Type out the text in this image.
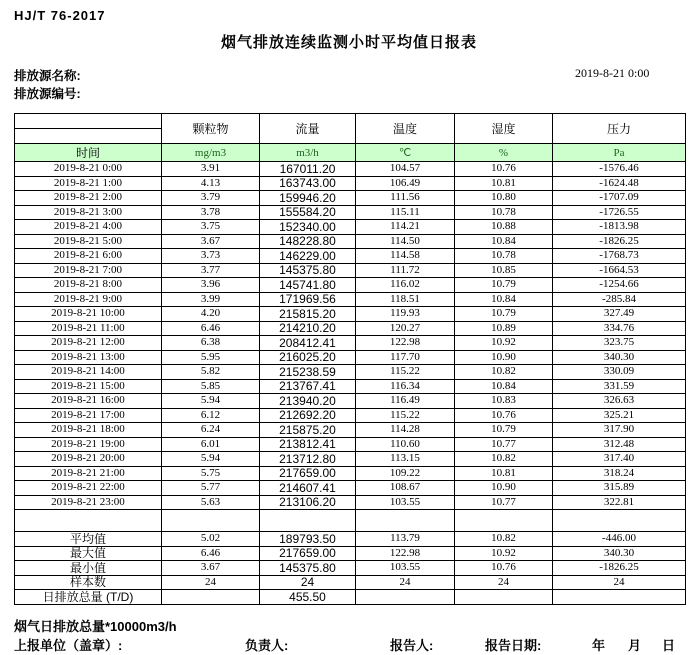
HJ/T 76-2017
烟气排放连续监测小时平均值日报表
排放源名称:
排放源编号:
2019-8-21 0:00
	颗粒物	流量	温度	湿度	压力

时间	mg/m3	m3/h	℃	%	Pa
2019-8-21 0:00	3.91	167011.20	104.57	10.76	-1576.46
2019-8-21 1:00	4.13	163743.00	106.49	10.81	-1624.48
2019-8-21 2:00	3.79	159946.20	111.56	10.80	-1707.09
2019-8-21 3:00	3.78	155584.20	115.11	10.78	-1726.55
2019-8-21 4:00	3.75	152340.00	114.21	10.88	-1813.98
2019-8-21 5:00	3.67	148228.80	114.50	10.84	-1826.25
2019-8-21 6:00	3.73	146229.00	114.58	10.78	-1768.73
2019-8-21 7:00	3.77	145375.80	111.72	10.85	-1664.53
2019-8-21 8:00	3.96	145741.80	116.02	10.79	-1254.66
2019-8-21 9:00	3.99	171969.56	118.51	10.84	-285.84
2019-8-21 10:00	4.20	215815.20	119.93	10.79	327.49
2019-8-21 11:00	6.46	214210.20	120.27	10.89	334.76
2019-8-21 12:00	6.38	208412.41	122.98	10.92	323.75
2019-8-21 13:00	5.95	216025.20	117.70	10.90	340.30
2019-8-21 14:00	5.82	215238.59	115.22	10.82	330.09
2019-8-21 15:00	5.85	213767.41	116.34	10.84	331.59
2019-8-21 16:00	5.94	213940.20	116.49	10.83	326.63
2019-8-21 17:00	6.12	212692.20	115.22	10.76	325.21
2019-8-21 18:00	6.24	215875.20	114.28	10.79	317.90
2019-8-21 19:00	6.01	213812.41	110.60	10.77	312.48
2019-8-21 20:00	5.94	213712.80	113.15	10.82	317.40
2019-8-21 21:00	5.75	217659.00	109.22	10.81	318.24
2019-8-21 22:00	5.77	214607.41	108.67	10.90	315.89
2019-8-21 23:00	5.63	213106.20	103.55	10.77	322.81

平均值	5.02	189793.50	113.79	10.82	-446.00
最大值	6.46	217659.00	122.98	10.92	340.30
最小值	3.67	145375.80	103.55	10.76	-1826.25
样本数	24	24	24	24	24
日排放总量 (T/D)		455.50			
烟气日排放总量*10000m3/h
上报单位（盖章）:	负责人:	报告人:	报告日期:	年 月 日
